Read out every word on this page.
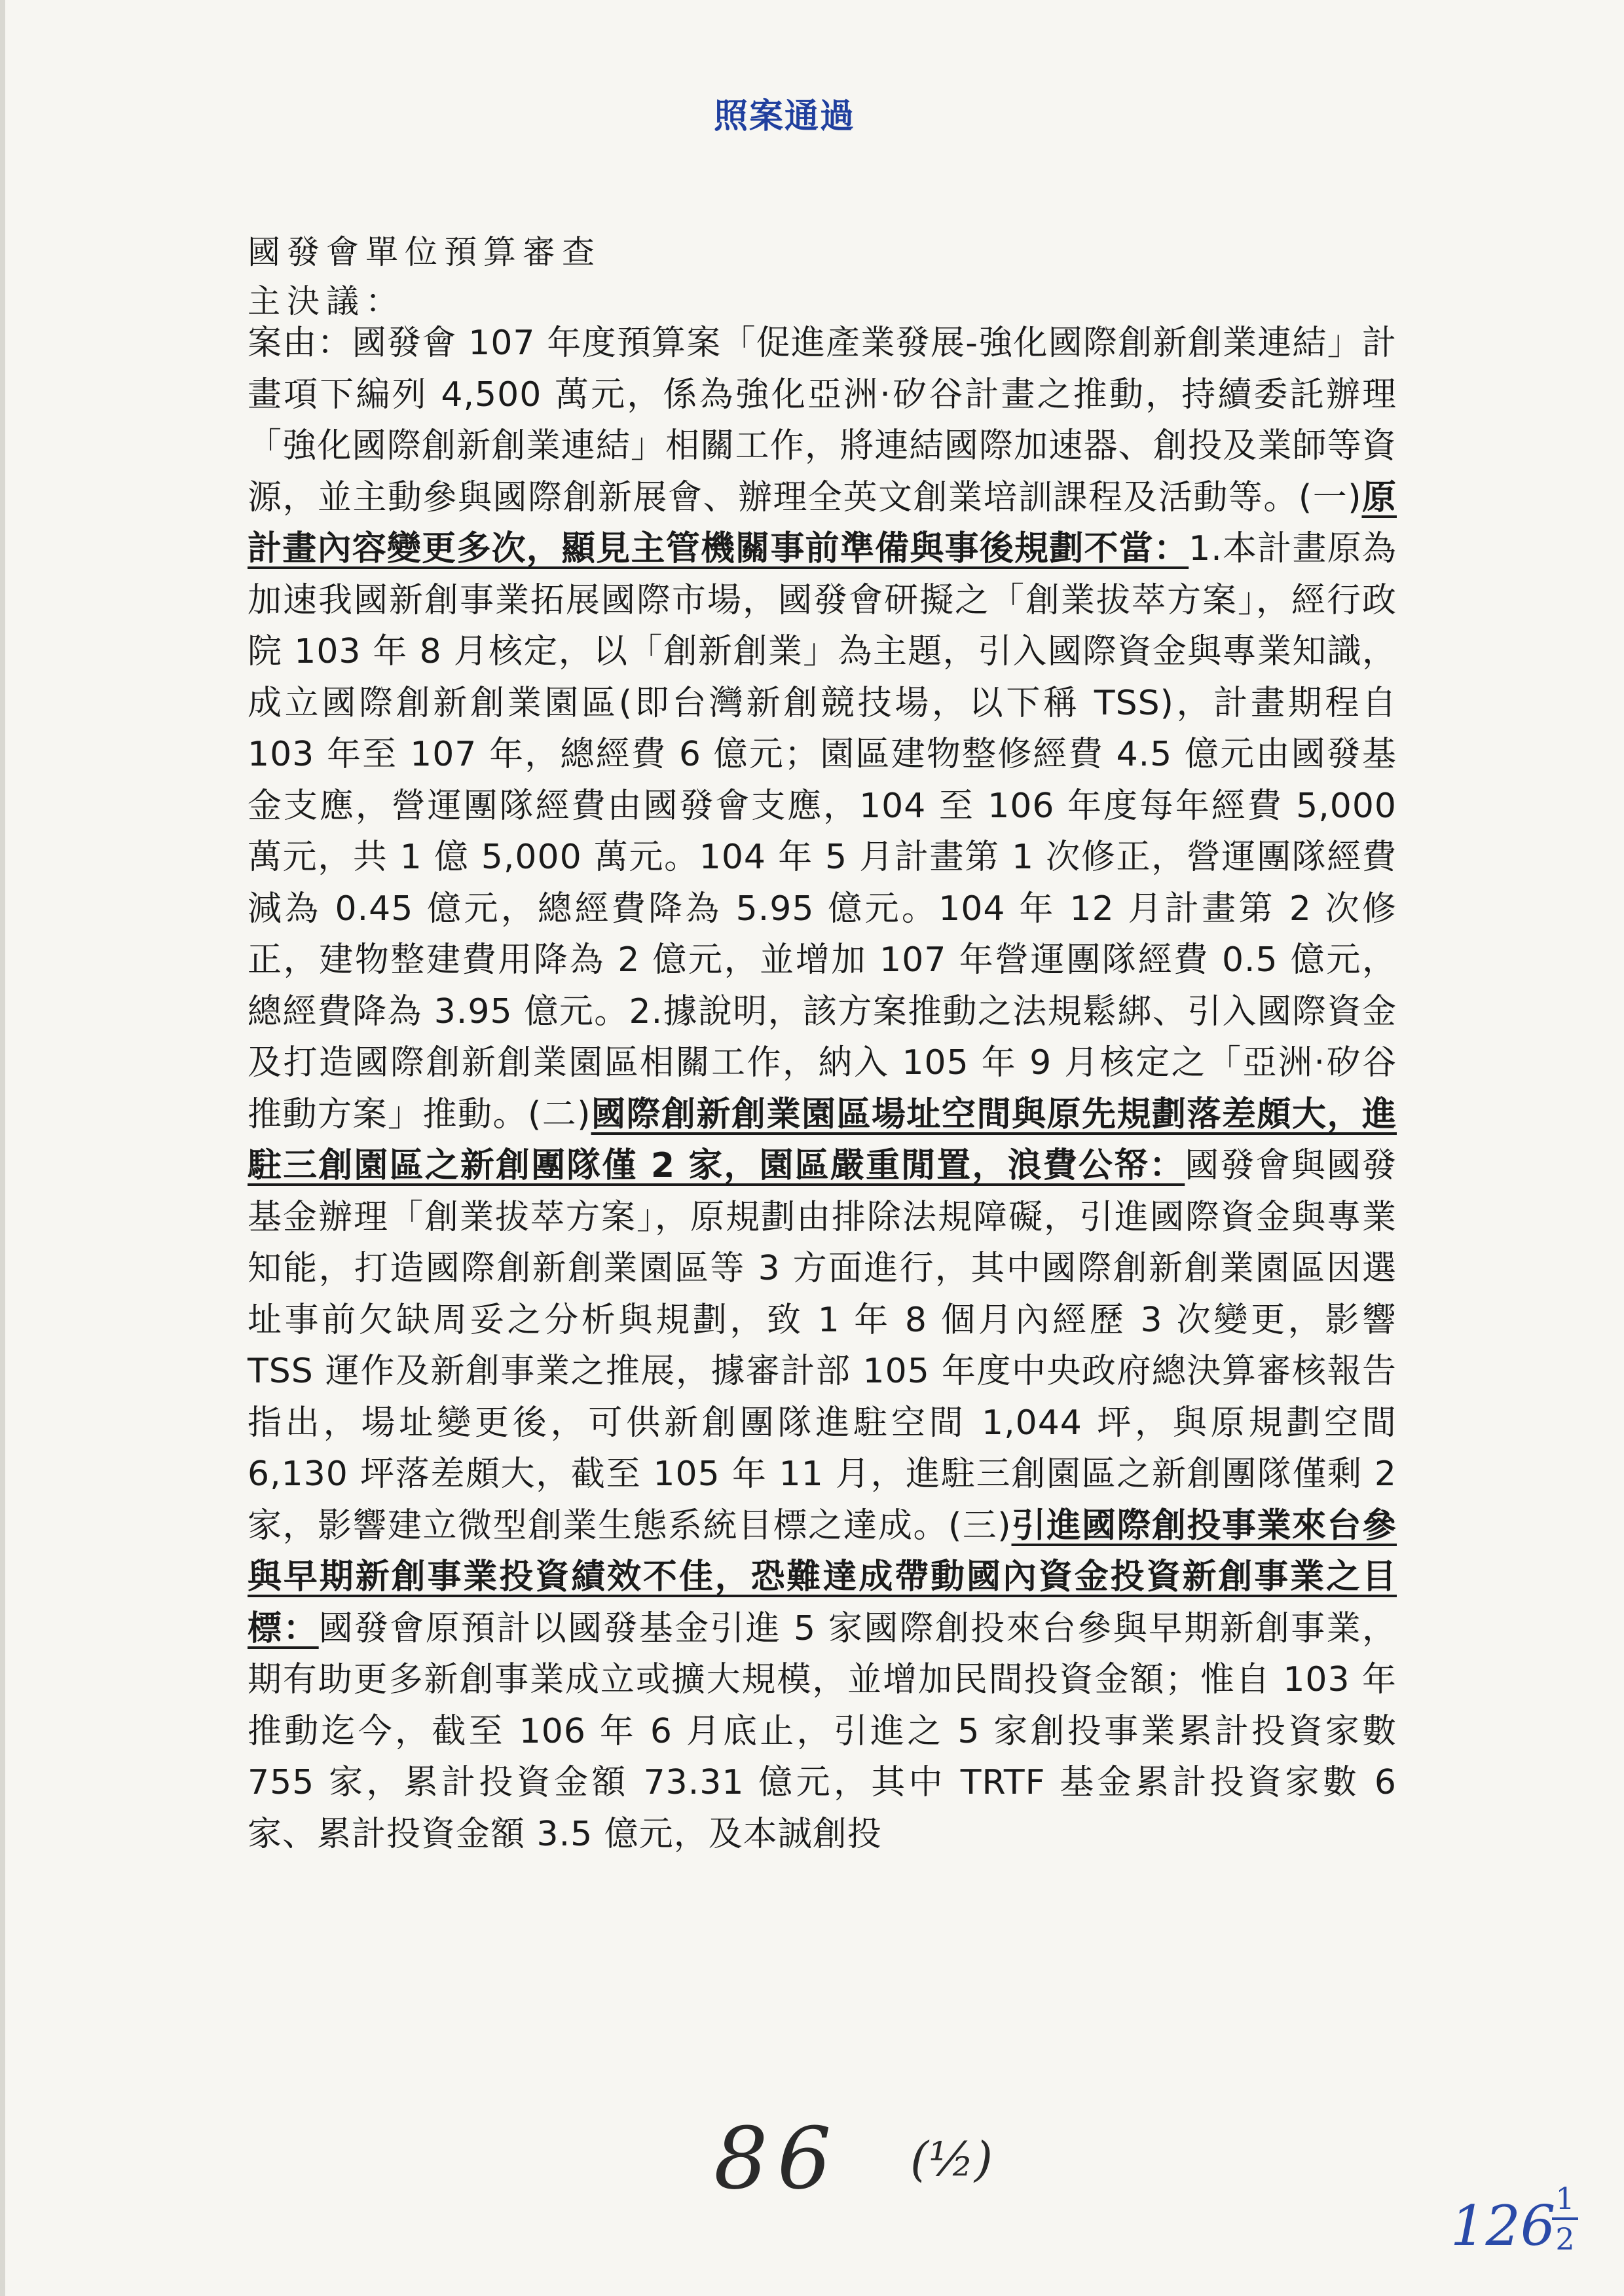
照案通過
國發會單位預算審查
主決議：
案由：國發會 107 年度預算案「促進產業發展-強化國際創新創業連結」計畫項下編列 4,500 萬元，係為強化亞洲‧矽谷計畫之推動，持續委託辦理「強化國際創新創業連結」相關工作，將連結國際加速器、創投及業師等資源，並主動參與國際創新展會、辦理全英文創業培訓課程及活動等。(一)原計畫內容變更多次，顯見主管機關事前準備與事後規劃不當：1.本計畫原為加速我國新創事業拓展國際市場，國發會研擬之「創業拔萃方案」，經行政院 103 年 8 月核定，以「創新創業」為主題，引入國際資金與專業知識，成立國際創新創業園區(即台灣新創競技場，以下稱 TSS)，計畫期程自 103 年至 107 年，總經費 6 億元；園區建物整修經費 4.5 億元由國發基金支應，營運團隊經費由國發會支應，104 至 106 年度每年經費 5,000 萬元，共 1 億 5,000 萬元。104 年 5 月計畫第 1 次修正，營運團隊經費減為 0.45 億元，總經費降為 5.95 億元。104 年 12 月計畫第 2 次修正，建物整建費用降為 2 億元，並增加 107 年營運團隊經費 0.5 億元，總經費降為 3.95 億元。2.據說明，該方案推動之法規鬆綁、引入國際資金及打造國際創新創業園區相關工作，納入 105 年 9 月核定之「亞洲‧矽谷推動方案」推動。(二)國際創新創業園區場址空間與原先規劃落差頗大，進駐三創園區之新創團隊僅 2 家，園區嚴重閒置，浪費公帑：國發會與國發基金辦理「創業拔萃方案」，原規劃由排除法規障礙，引進國際資金與專業知能，打造國際創新創業園區等 3 方面進行，其中國際創新創業園區因選址事前欠缺周妥之分析與規劃，致 1 年 8 個月內經歷 3 次變更，影響 TSS 運作及新創事業之推展，據審計部 105 年度中央政府總決算審核報告指出，場址變更後，可供新創團隊進駐空間 1,044 坪，與原規劃空間 6,130 坪落差頗大，截至 105 年 11 月，進駐三創園區之新創團隊僅剩 2 家，影響建立微型創業生態系統目標之達成。(三)引進國際創投事業來台參與早期新創事業投資績效不佳，恐難達成帶動國內資金投資新創事業之目標：國發會原預計以國發基金引進 5 家國際創投來台參與早期新創事業，期有助更多新創事業成立或擴大規模，並增加民間投資金額；惟自 103 年推動迄今，截至 106 年 6 月底止，引進之 5 家創投事業累計投資家數 755 家，累計投資金額 73.31 億元，其中 TRTF 基金累計投資家數 6 家、累計投資金額 3.5 億元，及本誠創投
86 (½)
126 1
2
